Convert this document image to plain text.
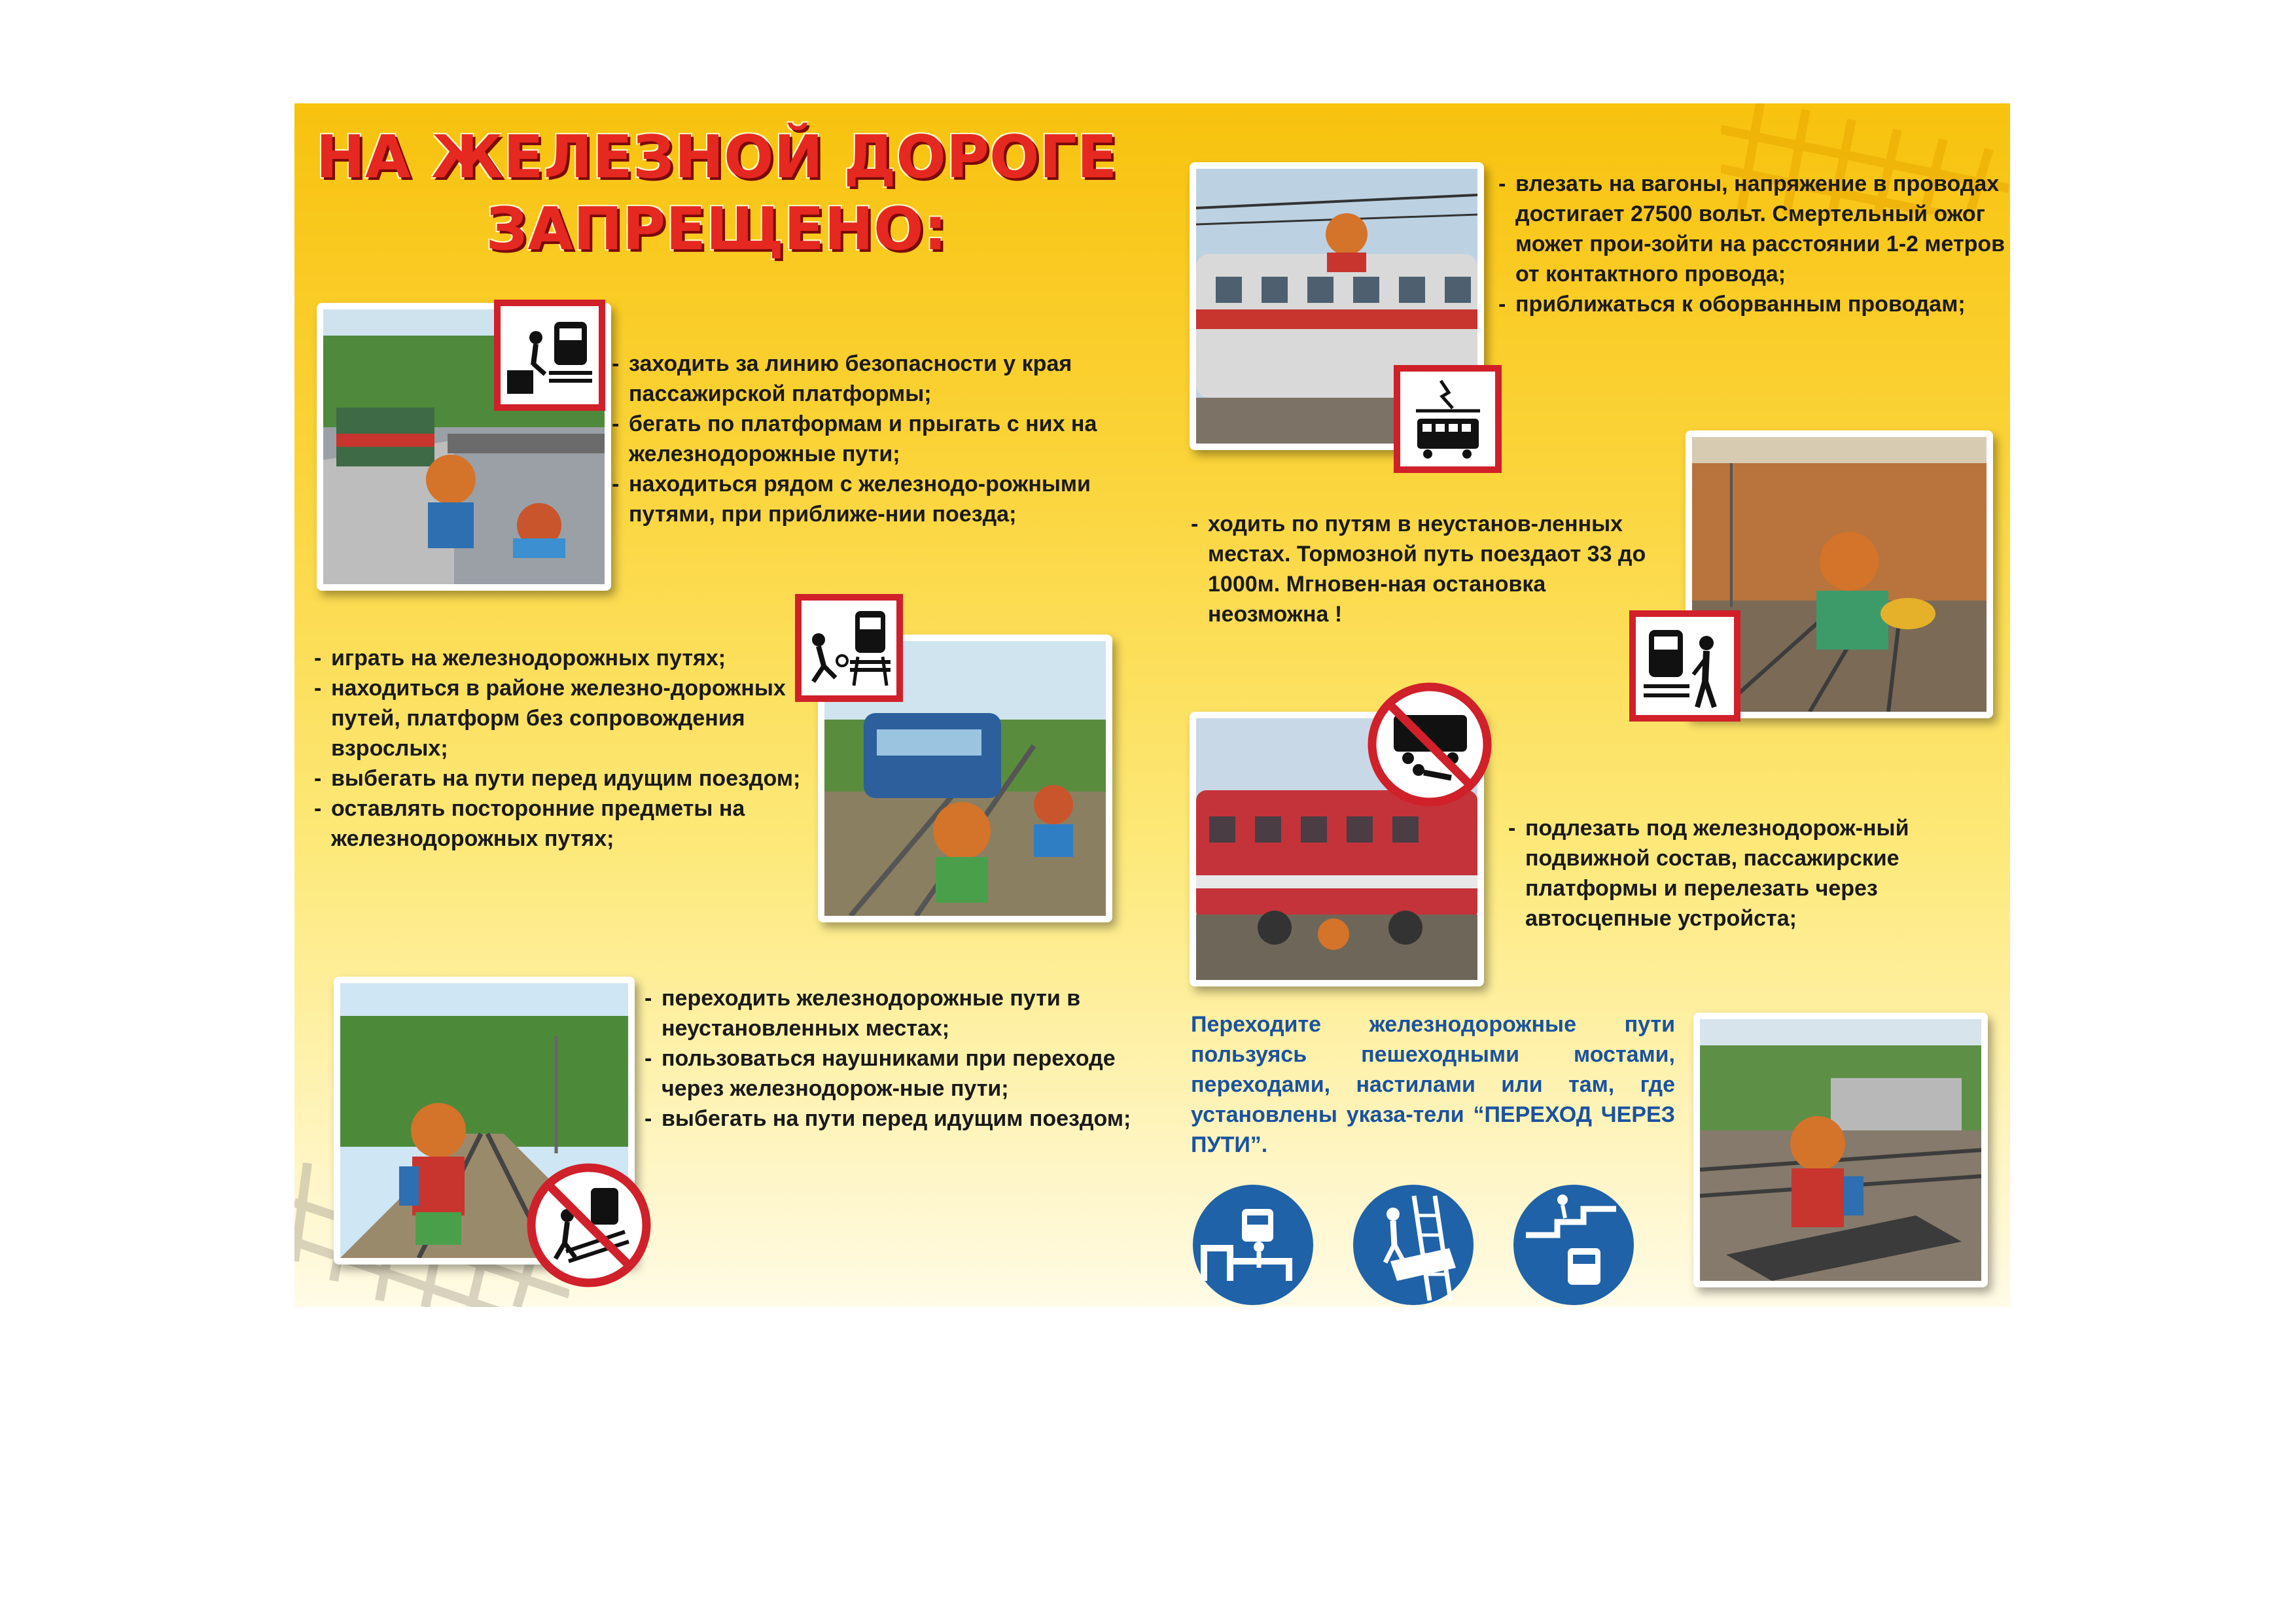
НА ЖЕЛЕЗНОЙ ДОРОГЕ
ЗАПРЕЩЕНО:

- заходить за линию безопасности у края пассажирской платформы;

- бегать по платформам и прыгать с них на железнодорожные пути;

- находиться рядом с железнодо-рожными путями, при приближе-нии поезда;

- играть на железнодорожных путях;

- находиться в районе железно-дорожных путей, платформ без сопровождения взрослых;

- выбегать на пути перед идущим поездом;

- оставлять посторонние предметы на железнодорожных путях;

- переходить железнодорожные пути в неустановленных местах;

- пользоваться наушниками при переходе через железнодорож-ные пути;

- выбегать на пути перед идущим поездом;

- влезать на вагоны, напряжение в проводах достигает 27500 вольт. Смертельный ожог может прои-зойти на расстоянии 1-2 метров от контактного провода;

- приближаться к оборванным проводам;

- ходить по путям в неустанов-ленных местах. Тормозной путь поездаот 33 до 1000м. Мгновен-ная остановка неозможна !

- подлезать под железнодорож-ный подвижной состав, пассажирские платформы и перелезать через автосцепные устройста;

Переходите железнодорожные пути пользуясь пешеходными мостами, переходами, настилами или там, где установлены указа-тели “ПЕРЕХОД ЧЕРЕЗ ПУТИ”.
